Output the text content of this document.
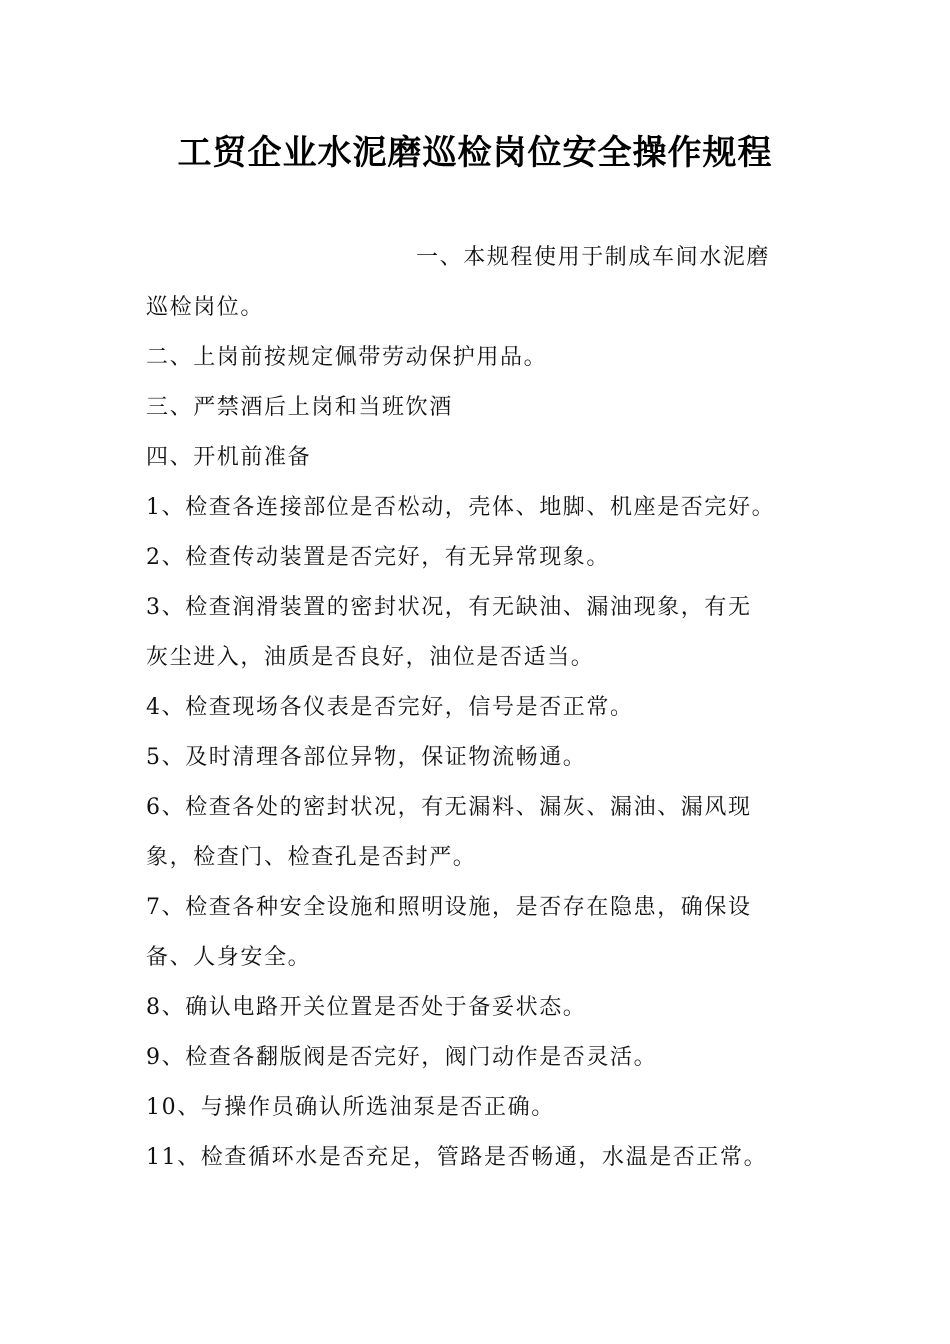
工贸企业水泥磨巡检岗位安全操作规程
一、本规程使用于制成车间水泥磨
巡检岗位。
二、上岗前按规定佩带劳动保护用品。
三、严禁酒后上岗和当班饮酒
四、开机前准备
1、检查各连接部位是否松动，壳体、地脚、机座是否完好。
2、检查传动装置是否完好，有无异常现象。
3、检查润滑装置的密封状况，有无缺油、漏油现象，有无
灰尘进入，油质是否良好，油位是否适当。
4、检查现场各仪表是否完好，信号是否正常。
5、及时清理各部位异物，保证物流畅通。
6、检查各处的密封状况，有无漏料、漏灰、漏油、漏风现
象，检查门、检查孔是否封严。
7、检查各种安全设施和照明设施，是否存在隐患，确保设
备、人身安全。
8、确认电路开关位置是否处于备妥状态。
9、检查各翻版阀是否完好，阀门动作是否灵活。
10、与操作员确认所选油泵是否正确。
11、检查循环水是否充足，管路是否畅通，水温是否正常。
